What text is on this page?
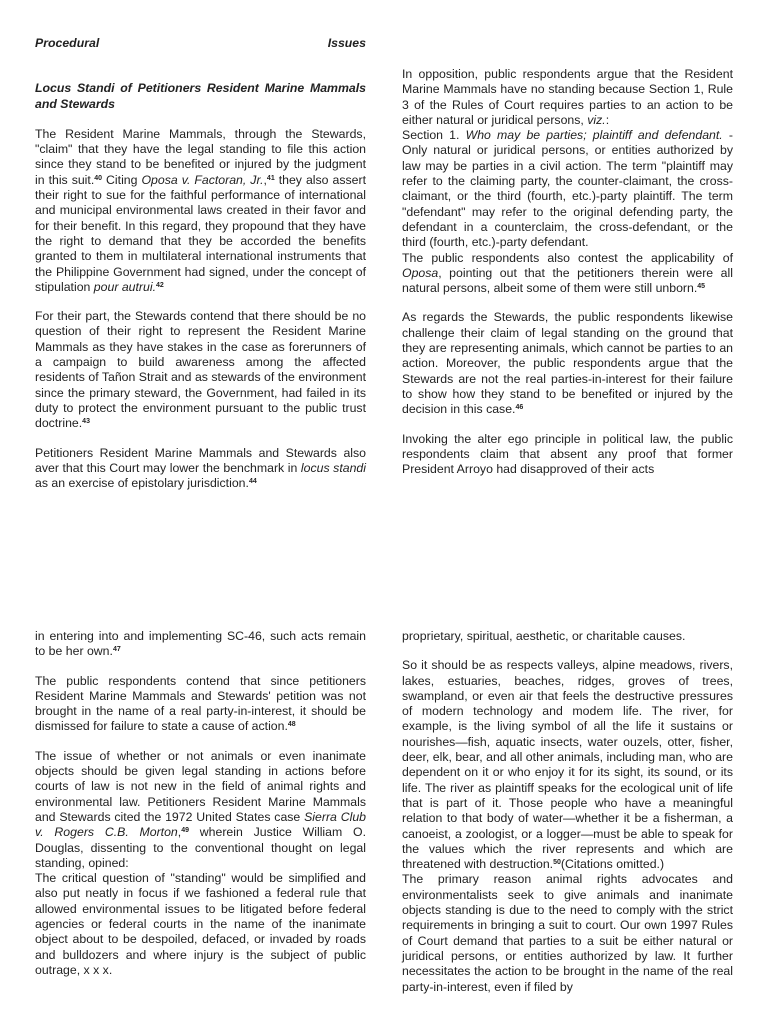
Procedural	Issues

Locus Standi of Petitioners Resident Marine Mammals and Stewards

The Resident Marine Mammals, through the Stewards, "claim" that they have the legal standing to file this action since they stand to be benefited or injured by the judgment in this suit.$^{40}$ Citing Oposa v. Factoran, Jr.,$^{41}$ they also assert their right to sue for the faithful performance of international and municipal environmental laws created in their favor and for their benefit. In this regard, they propound that they have the right to demand that they be accorded the benefits granted to them in multilateral international instruments that the Philippine Government had signed, under the concept of stipulation pour autrui.$^{42}$

For their part, the Stewards contend that there should be no question of their right to represent the Resident Marine Mammals as they have stakes in the case as forerunners of a campaign to build awareness among the affected residents of Tañon Strait and as stewards of the environment since the primary steward, the Government, had failed in its duty to protect the environment pursuant to the public trust doctrine.$^{43}$

Petitioners Resident Marine Mammals and Stewards also aver that this Court may lower the benchmark in locus standi as an exercise of epistolary jurisdiction.$^{44}$

In opposition, public respondents argue that the Resident Marine Mammals have no standing because Section 1, Rule 3 of the Rules of Court requires parties to an action to be either natural or juridical persons, viz.:

Section 1. Who may be parties; plaintiff and defendant. - Only natural or juridical persons, or entities authorized by law may be parties in a civil action. The term "plaintiff may refer to the claiming party, the counter-claimant, the cross-claimant, or the third (fourth, etc.)-party plaintiff. The term "defendant" may refer to the original defending party, the defendant in a counterclaim, the cross-defendant, or the third (fourth, etc.)-party defendant.

The public respondents also contest the applicability of Oposa, pointing out that the petitioners therein were all natural persons, albeit some of them were still unborn.$^{45}$

As regards the Stewards, the public respondents likewise challenge their claim of legal standing on the ground that they are representing animals, which cannot be parties to an action. Moreover, the public respondents argue that the Stewards are not the real parties-in-interest for their failure to show how they stand to be benefited or injured by the decision in this case.$^{46}$

Invoking the alter ego principle in political law, the public respondents claim that absent any proof that former President Arroyo had disapproved of their acts

in entering into and implementing SC-46, such acts remain to be her own.$^{47}$

The public respondents contend that since petitioners Resident Marine Mammals and Stewards' petition was not brought in the name of a real party-in-interest, it should be dismissed for failure to state a cause of action.$^{48}$

The issue of whether or not animals or even inanimate objects should be given legal standing in actions before courts of law is not new in the field of animal rights and environmental law. Petitioners Resident Marine Mammals and Stewards cited the 1972 United States case Sierra Club v. Rogers C.B. Morton,$^{49}$ wherein Justice William O. Douglas, dissenting to the conventional thought on legal standing, opined:

The critical question of "standing" would be simplified and also put neatly in focus if we fashioned a federal rule that allowed environmental issues to be litigated before federal agencies or federal courts in the name of the inanimate object about to be despoiled, defaced, or invaded by roads and bulldozers and where injury is the subject of public outrage, x x x.

proprietary, spiritual, aesthetic, or charitable causes.

So it should be as respects valleys, alpine meadows, rivers, lakes, estuaries, beaches, ridges, groves of trees, swampland, or even air that feels the destructive pressures of modern technology and modem life. The river, for example, is the living symbol of all the life it sustains or nourishes—fish, aquatic insects, water ouzels, otter, fisher, deer, elk, bear, and all other animals, including man, who are dependent on it or who enjoy it for its sight, its sound, or its life. The river as plaintiff speaks for the ecological unit of life that is part of it. Those people who have a meaningful relation to that body of water—whether it be a fisherman, a canoeist, a zoologist, or a logger—must be able to speak for the values which the river represents and which are threatened with destruction.$^{50}$(Citations omitted.)

The primary reason animal rights advocates and environmentalists seek to give animals and inanimate objects standing is due to the need to comply with the strict requirements in bringing a suit to court. Our own 1997 Rules of Court demand that parties to a suit be either natural or juridical persons, or entities authorized by law. It further necessitates the action to be brought in the name of the real party-in-interest, even if filed by
